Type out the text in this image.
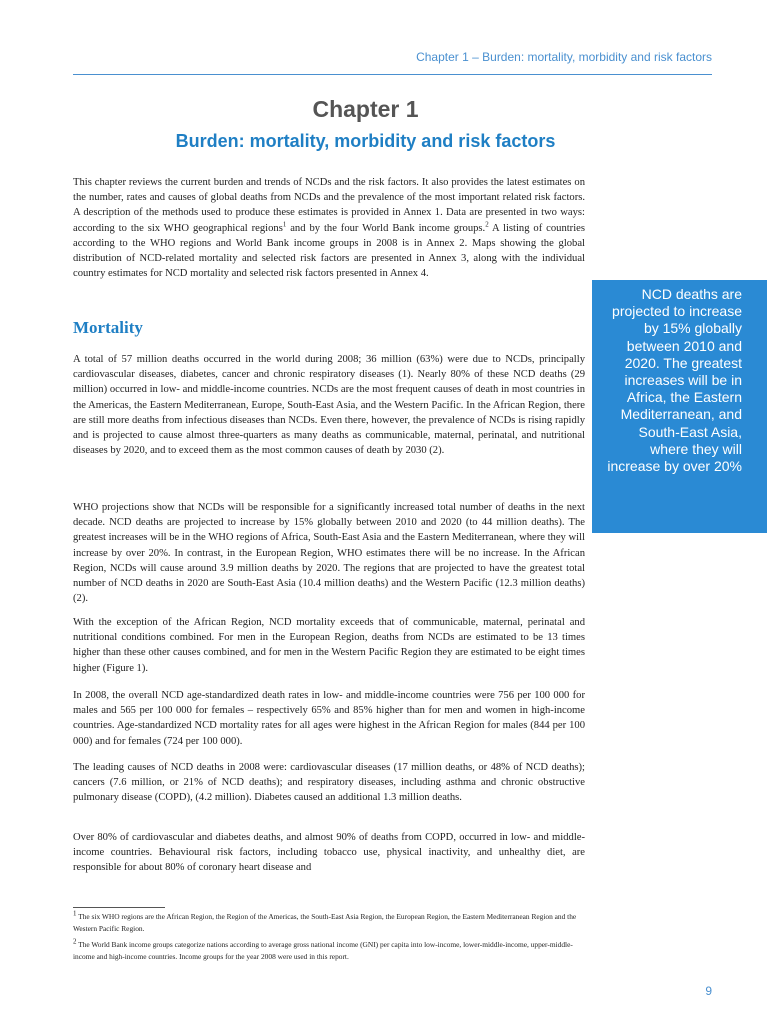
Chapter 1 – Burden: mortality, morbidity and risk factors
Chapter 1
Burden: mortality, morbidity and risk factors

This chapter reviews the current burden and trends of NCDs and the risk factors. It also provides the latest estimates on the number, rates and causes of global deaths from NCDs and the prevalence of the most important related risk factors. A description of the methods used to produce these estimates is provided in Annex 1. Data are presented in two ways: according to the six WHO geographical regions$^1$ and by the four World Bank income groups.$^2$ A listing of countries according to the WHO regions and World Bank income groups in 2008 is in Annex 2. Maps showing the global distribution of NCD-related mortality and selected risk factors are presented in Annex 3, along with the individual country estimates for NCD mortality and selected risk factors presented in Annex 4.

Mortality

A total of 57 million deaths occurred in the world during 2008; 36 million (63%) were due to NCDs, principally cardiovascular diseases, diabetes, cancer and chronic respiratory diseases (1). Nearly 80% of these NCD deaths (29 million) occurred in low- and middle-income countries. NCDs are the most frequent causes of death in most countries in the Americas, the Eastern Mediterranean, Europe, South-East Asia, and the Western Pacific. In the African Region, there are still more deaths from infectious diseases than NCDs. Even there, however, the prevalence of NCDs is rising rapidly and is projected to cause almost three-quarters as many deaths as communicable, maternal, perinatal, and nutritional diseases by 2020, and to exceed them as the most common causes of death by 2030 (2).

WHO projections show that NCDs will be responsible for a significantly increased total number of deaths in the next decade. NCD deaths are projected to increase by 15% globally between 2010 and 2020 (to 44 million deaths). The greatest increases will be in the WHO regions of Africa, South-East Asia and the Eastern Mediterranean, where they will increase by over 20%. In contrast, in the European Region, WHO estimates there will be no increase. In the African Region, NCDs will cause around 3.9 million deaths by 2020. The regions that are projected to have the greatest total number of NCD deaths in 2020 are South-East Asia (10.4 million deaths) and the Western Pacific (12.3 million deaths) (2).

With the exception of the African Region, NCD mortality exceeds that of communicable, maternal, perinatal and nutritional conditions combined. For men in the European Region, deaths from NCDs are estimated to be 13 times higher than these other causes combined, and for men in the Western Pacific Region they are estimated to be eight times higher (Figure 1).

In 2008, the overall NCD age-standardized death rates in low- and middle-income countries were 756 per 100 000 for males and 565 per 100 000 for females – respectively 65% and 85% higher than for men and women in high-income countries. Age-standardized NCD mortality rates for all ages were highest in the African Region for males (844 per 100 000) and for females (724 per 100 000).

The leading causes of NCD deaths in 2008 were: cardiovascular diseases (17 million deaths, or 48% of NCD deaths); cancers (7.6 million, or 21% of NCD deaths); and respiratory diseases, including asthma and chronic obstructive pulmonary disease (COPD), (4.2 million). Diabetes caused an additional 1.3 million deaths.

Over 80% of cardiovascular and diabetes deaths, and almost 90% of deaths from COPD, occurred in low- and middle-income countries. Behavioural risk factors, including tobacco use, physical inactivity, and unhealthy diet, are responsible for about 80% of coronary heart disease and

NCD deaths are projected to increase by 15% globally between 2010 and 2020. The greatest increases will be in Africa, the Eastern Mediterranean, and South-East Asia, where they will increase by over 20%

$^1$ The six WHO regions are the African Region, the Region of the Americas, the South-East Asia Region, the European Region, the Eastern Mediterranean Region and the Western Pacific Region.

$^2$ The World Bank income groups categorize nations according to average gross national income (GNI) per capita into low-income, lower-middle-income, upper-middle-income and high-income countries. Income groups for the year 2008 were used in this report.

9
